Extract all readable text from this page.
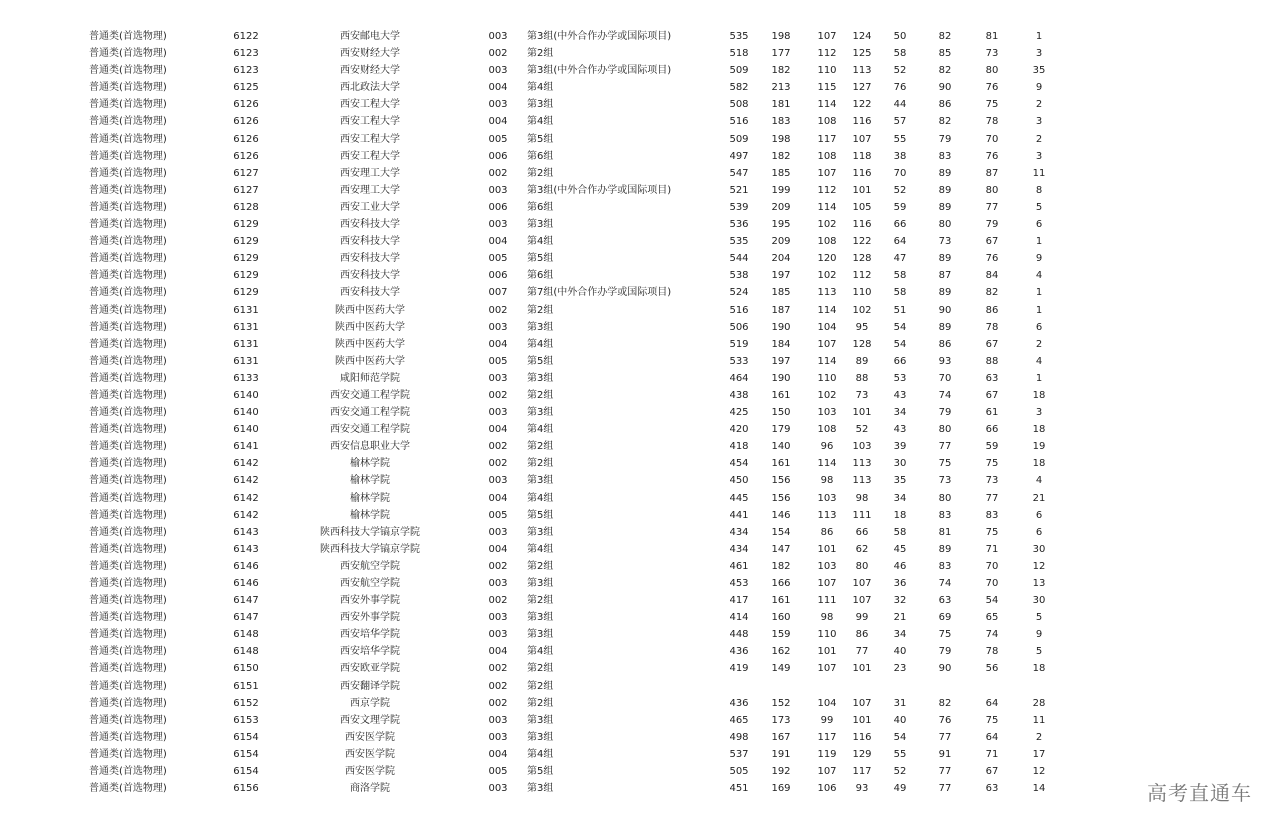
普通类(首选物理)	6122	西安邮电大学	003 第3组(中外合作办学或国际项目)	535	198	107	124	50	82	81	1
普通类(首选物理)	6123	西安财经大学	002 第2组	518	177	112	125	58	85	73	3
普通类(首选物理)	6123	西安财经大学	003 第3组(中外合作办学或国际项目)	509	182	110	113	52	82	80	35
普通类(首选物理)	6125	西北政法大学	004 第4组	582	213	115	127	76	90	76	9
普通类(首选物理)	6126	西安工程大学	003 第3组	508	181	114	122	44	86	75	2
普通类(首选物理)	6126	西安工程大学	004 第4组	516	183	108	116	57	82	78	3
普通类(首选物理)	6126	西安工程大学	005 第5组	509	198	117	107	55	79	70	2
普通类(首选物理)	6126	西安工程大学	006 第6组	497	182	108	118	38	83	76	3
普通类(首选物理)	6127	西安理工大学	002 第2组	547	185	107	116	70	89	87	11
普通类(首选物理)	6127	西安理工大学	003 第3组(中外合作办学或国际项目)	521	199	112	101	52	89	80	8
普通类(首选物理)	6128	西安工业大学	006 第6组	539	209	114	105	59	89	77	5
普通类(首选物理)	6129	西安科技大学	003 第3组	536	195	102	116	66	80	79	6
普通类(首选物理)	6129	西安科技大学	004 第4组	535	209	108	122	64	73	67	1
普通类(首选物理)	6129	西安科技大学	005 第5组	544	204	120	128	47	89	76	9
普通类(首选物理)	6129	西安科技大学	006 第6组	538	197	102	112	58	87	84	4
普通类(首选物理)	6129	西安科技大学	007 第7组(中外合作办学或国际项目)	524	185	113	110	58	89	82	1
普通类(首选物理)	6131	陕西中医药大学	002 第2组	516	187	114	102	51	90	86	1
普通类(首选物理)	6131	陕西中医药大学	003 第3组	506	190	104	95	54	89	78	6
普通类(首选物理)	6131	陕西中医药大学	004 第4组	519	184	107	128	54	86	67	2
普通类(首选物理)	6131	陕西中医药大学	005 第5组	533	197	114	89	66	93	88	4
普通类(首选物理)	6133	咸阳师范学院	003 第3组	464	190	110	88	53	70	63	1
普通类(首选物理)	6140	西安交通工程学院	002 第2组	438	161	102	73	43	74	67	18
普通类(首选物理)	6140	西安交通工程学院	003 第3组	425	150	103	101	34	79	61	3
普通类(首选物理)	6140	西安交通工程学院	004 第4组	420	179	108	52	43	80	66	18
普通类(首选物理)	6141	西安信息职业大学	002 第2组	418	140	96	103	39	77	59	19
普通类(首选物理)	6142	榆林学院	002 第2组	454	161	114	113	30	75	75	18
普通类(首选物理)	6142	榆林学院	003 第3组	450	156	98	113	35	73	73	4
普通类(首选物理)	6142	榆林学院	004 第4组	445	156	103	98	34	80	77	21
普通类(首选物理)	6142	榆林学院	005 第5组	441	146	113	111	18	83	83	6
普通类(首选物理)	6143	陕西科技大学镐京学院	003 第3组	434	154	86	66	58	81	75	6
普通类(首选物理)	6143	陕西科技大学镐京学院	004 第4组	434	147	101	62	45	89	71	30
普通类(首选物理)	6146	西安航空学院	002 第2组	461	182	103	80	46	83	70	12
普通类(首选物理)	6146	西安航空学院	003 第3组	453	166	107	107	36	74	70	13
普通类(首选物理)	6147	西安外事学院	002 第2组	417	161	111	107	32	63	54	30
普通类(首选物理)	6147	西安外事学院	003 第3组	414	160	98	99	21	69	65	5
普通类(首选物理)	6148	西安培华学院	003 第3组	448	159	110	86	34	75	74	9
普通类(首选物理)	6148	西安培华学院	004 第4组	436	162	101	77	40	79	78	5
普通类(首选物理)	6150	西安欧亚学院	002 第2组	419	149	107	101	23	90	56	18
普通类(首选物理)	6151	西安翻译学院	002 第2组
普通类(首选物理)	6152	西京学院	002 第2组	436	152	104	107	31	82	64	28
普通类(首选物理)	6153	西安文理学院	003 第3组	465	173	99	101	40	76	75	11
普通类(首选物理)	6154	西安医学院	003 第3组	498	167	117	116	54	77	64	2
普通类(首选物理)	6154	西安医学院	004 第4组	537	191	119	129	55	91	71	17
普通类(首选物理)	6154	西安医学院	005 第5组	505	192	107	117	52	77	67	12
普通类(首选物理)	6156	商洛学院	003 第3组	451	169	106	93	49	77	63	14	高考直通车
